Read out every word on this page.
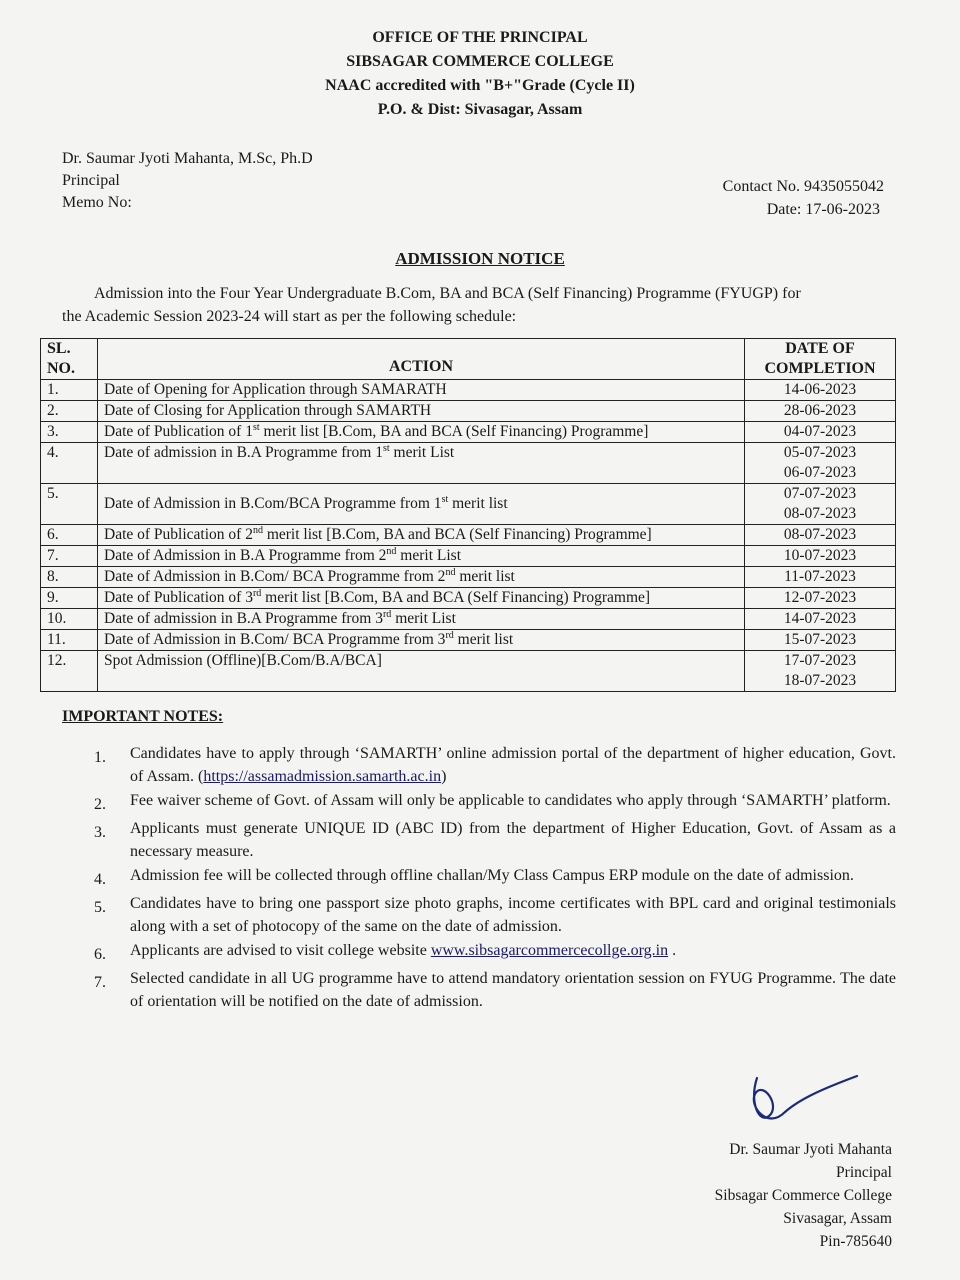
OFFICE OF THE PRINCIPAL
SIBSAGAR COMMERCE COLLEGE
NAAC accredited with "B+"Grade (Cycle II)
P.O. & Dist: Sivasagar, Assam
Dr. Saumar Jyoti Mahanta, M.Sc, Ph.D
Principal
Memo No:
Contact No. 9435055042
Date: 17-06-2023
ADMISSION NOTICE
Admission into the Four Year Undergraduate B.Com, BA and BCA (Self Financing) Programme (FYUGP) for
the Academic Session 2023-24 will start as per the following schedule:
SL. NO.	ACTION	DATE OF COMPLETION
1.	Date of Opening for Application through SAMARATH	14-06-2023

2.	Date of Closing for Application through SAMARTH	28-06-2023

3.	Date of Publication of 1st merit list [B.Com, BA and BCA (Self Financing) Programme]	04-07-2023

4.	Date of admission in B.A Programme from 1st merit List	05-07-2023
06-07-2023

5.	Date of Admission in B.Com/BCA Programme from 1st merit list	07-07-2023
08-07-2023

6.	Date of Publication of 2nd merit list [B.Com, BA and BCA (Self Financing) Programme]	08-07-2023

7.	Date of Admission in B.A Programme from 2nd merit List	10-07-2023

8.	Date of Admission in B.Com/ BCA Programme from 2nd merit list	11-07-2023

9.	Date of Publication of 3rd merit list [B.Com, BA and BCA (Self Financing) Programme]	12-07-2023

10.	Date of admission in B.A Programme from 3rd merit List	14-07-2023

11.	Date of Admission in B.Com/ BCA Programme from 3rd merit list	15-07-2023

12.	Spot Admission (Offline)[B.Com/B.A/BCA]	17-07-2023
18-07-2023
IMPORTANT NOTES:
1.	Candidates have to apply through ‘SAMARTH’ online admission portal of the department of higher education, Govt. of Assam. (https://assamadmission.samarth.ac.in)
2.	Fee waiver scheme of Govt. of Assam will only be applicable to candidates who apply through ‘SAMARTH’ platform.
3.	Applicants must generate UNIQUE ID (ABC ID) from the department of Higher Education, Govt. of Assam as a necessary measure.
4.	Admission fee will be collected through offline challan/My Class Campus ERP module on the date of admission.
5.	Candidates have to bring one passport size photo graphs, income certificates with BPL card and original testimonials along with a set of photocopy of the same on the date of admission.
6.	Applicants are advised to visit college website www.sibsagarcommercecollge.org.in .
7.	Selected candidate in all UG programme have to attend mandatory orientation session on FYUG Programme. The date of orientation will be notified on the date of admission.
Dr. Saumar Jyoti Mahanta
Principal
Sibsagar Commerce College
Sivasagar, Assam
Pin-785640
